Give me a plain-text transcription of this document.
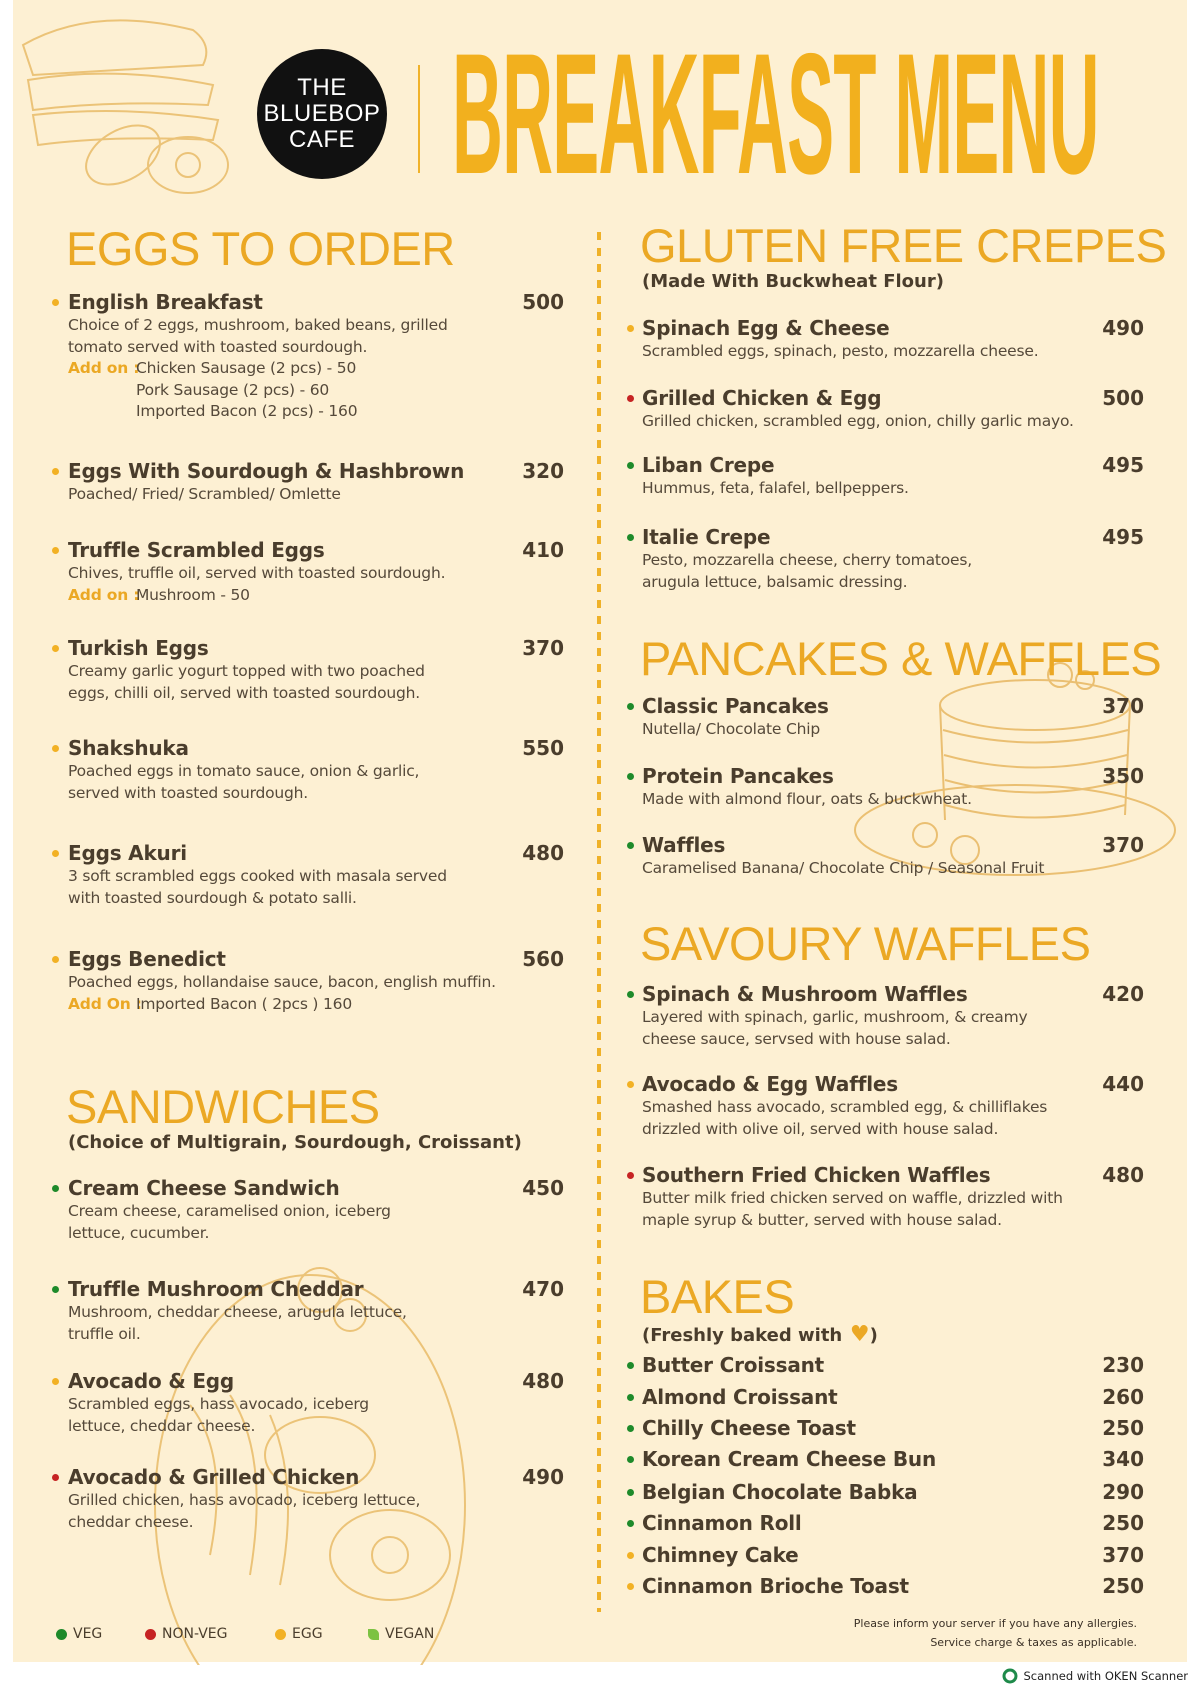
THE
BLUEBOP
CAFE BREAKFAST MENU
EGGS TO ORDER
English Breakfast	500
Choice of 2 eggs, mushroom, baked beans, grilled
tomato served with toasted sourdough.
Add on :
Chicken Sausage (2 pcs) - 50
Pork Sausage (2 pcs) - 60
Imported Bacon (2 pcs) - 160
Eggs With Sourdough & Hashbrown	320
Poached/ Fried/ Scrambled/ Omlette
Truffle Scrambled Eggs	410
Chives, truffle oil, served with toasted sourdough.
Add on :
Mushroom - 50
Turkish Eggs	370
Creamy garlic yogurt topped with two poached
eggs, chilli oil, served with toasted sourdough.
Shakshuka	550
Poached eggs in tomato sauce, onion & garlic,
served with toasted sourdough.
Eggs Akuri	480
3 soft scrambled eggs cooked with masala served
with toasted sourdough & potato salli.
Eggs Benedict	560
Poached eggs, hollandaise sauce, bacon, english muffin.
Add On :
Imported Bacon ( 2pcs ) 160
SANDWICHES
(Choice of Multigrain, Sourdough, Croissant)
Cream Cheese Sandwich	450
Cream cheese, caramelised onion, iceberg
lettuce, cucumber.
Truffle Mushroom Cheddar	470
Mushroom, cheddar cheese, arugula lettuce,
truffle oil.
Avocado & Egg	480
Scrambled eggs, hass avocado, iceberg
lettuce, cheddar cheese.
Avocado & Grilled Chicken	490
Grilled chicken, hass avocado, iceberg lettuce,
cheddar cheese.
GLUTEN FREE CREPES
(Made With Buckwheat Flour)
Spinach Egg & Cheese	490
Scrambled eggs, spinach, pesto, mozzarella cheese.
Grilled Chicken & Egg	500
Grilled chicken, scrambled egg, onion, chilly garlic mayo.
Liban Crepe	495
Hummus, feta, falafel, bellpeppers.
Italie Crepe	495
Pesto, mozzarella cheese, cherry tomatoes,
arugula lettuce, balsamic dressing.
PANCAKES & WAFFLES
Classic Pancakes	370
Nutella/ Chocolate Chip
Protein Pancakes	350
Made with almond flour, oats & buckwheat.
Waffles	370
Caramelised Banana/ Chocolate Chip / Seasonal Fruit
SAVOURY WAFFLES
Spinach & Mushroom Waffles	420
Layered with spinach, garlic, mushroom, & creamy
cheese sauce, servsed with house salad.
Avocado & Egg Waffles	440
Smashed hass avocado, scrambled egg, & chilliflakes
drizzled with olive oil, served with house salad.
Southern Fried Chicken Waffles	480
Butter milk fried chicken served on waffle, drizzled with
maple syrup & butter, served with house salad.
BAKES
(Freshly baked with ♥)
Butter Croissant	230
Almond Croissant	260
Chilly Cheese Toast	250
Korean Cream Cheese Bun	340
Belgian Chocolate Babka	290
Cinnamon Roll	250
Chimney Cake	370
Cinnamon Brioche Toast	250
VEG	NON-VEG	EGG	VEGAN
Please inform your server if you have any allergies.
Service charge & taxes as applicable.
Scanned with OKEN Scanner
